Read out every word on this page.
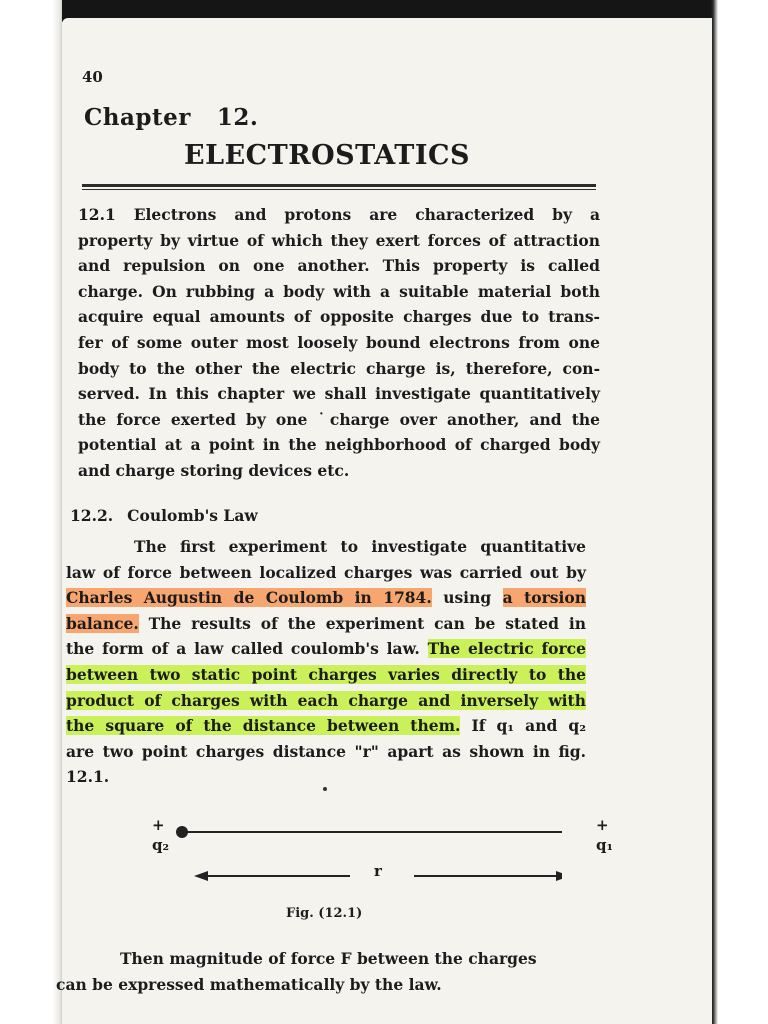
40
Chapter 12.
ELECTROSTATICS
12.1 Electrons and protons are characterized by a
property by virtue of which they exert forces of attraction
and repulsion on one another. This property is called
charge. On rubbing a body with a suitable material both
acquire equal amounts of opposite charges due to trans-
fer of some outer most loosely bound electrons from one
body to the other the electric charge is, therefore, con-
served. In this chapter we shall investigate quantitatively
the force exerted by one ˙charge over another, and the
potential at a point in the neighborhood of charged body
and charge storing devices etc.
12.2. Coulomb's Law
The first experiment to investigate quantitative
law of force between localized charges was carried out by
Charles Augustin de Coulomb in 1784. using a torsion
balance. The results of the experiment can be stated in
the form of a law called coulomb's law. The electric force
between two static point charges varies directly to the
product of charges with each charge and inversely with
the square of the distance between them. If q₁ and q₂
are two point charges distance "r" apart as shown in fig.
12.1.
+
q₂
+
q₁
r
Fig. (12.1)
Then magnitude of force F between the charges
can be expressed mathematically by the law.
